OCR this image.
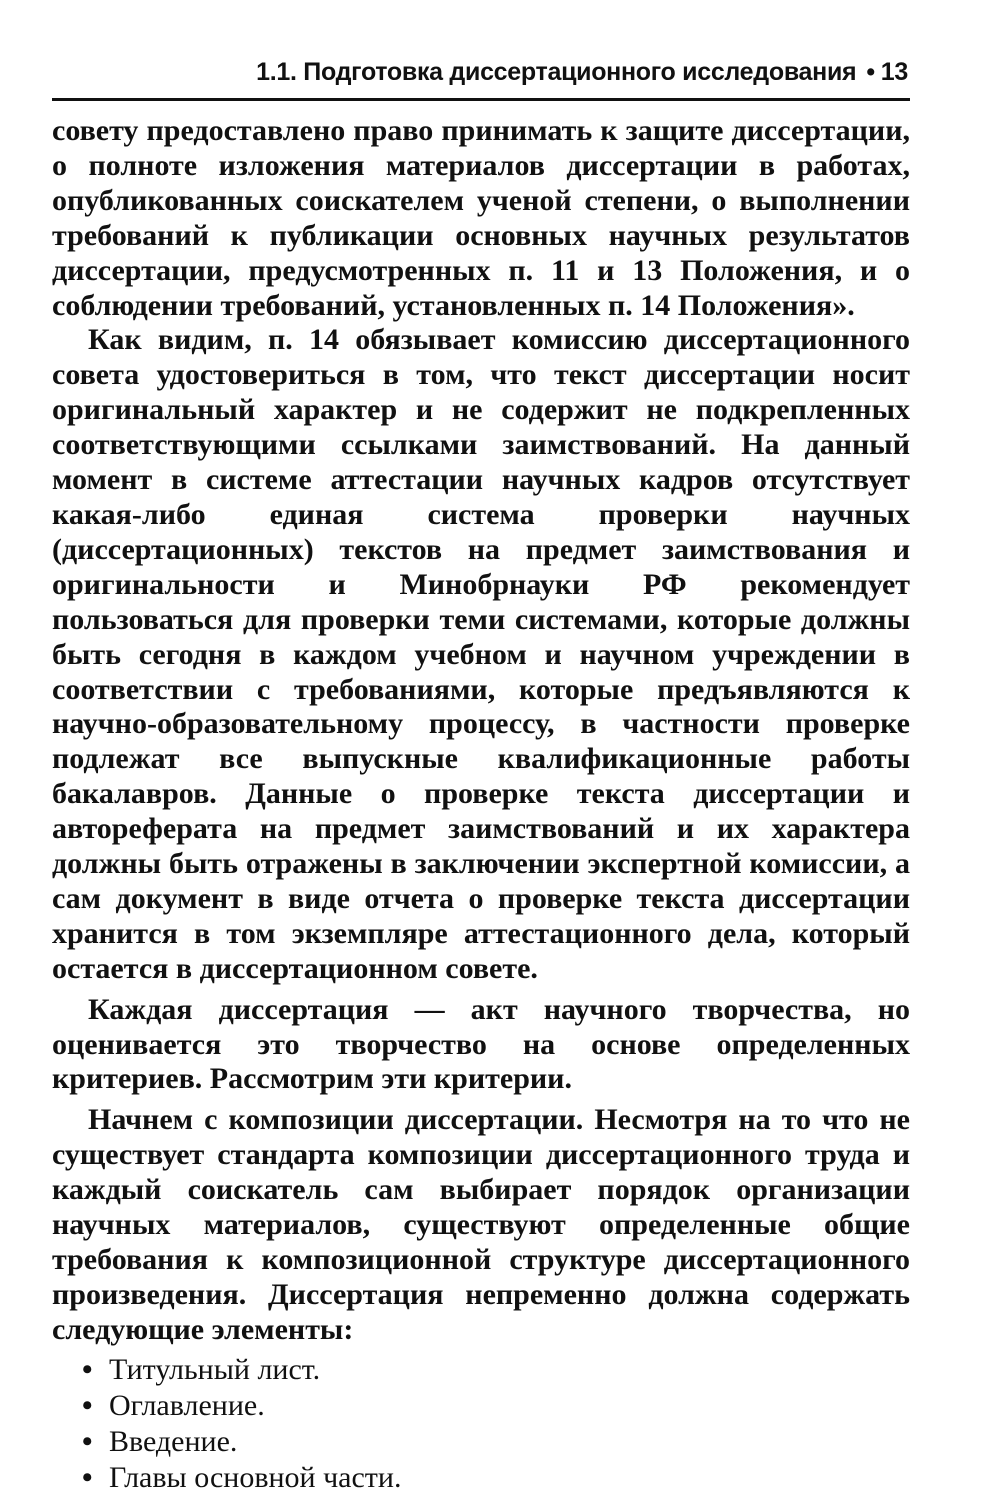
1.1. Подготовка диссертационного исследования • 13

совету предоставлено право принимать к защите диссертации, о полноте изложения материалов диссертации в работах, опубликованных соискателем ученой степени, о выполнении требований к публикации основных научных результатов диссертации, предусмотренных п. 11 и 13 Положения, и о соблюдении требований, установленных п. 14 Положения».

Как видим, п. 14 обязывает комиссию диссертационного совета удостовериться в том, что текст диссертации носит оригинальный характер и не содержит не подкрепленных соответствующими ссылками заимствований. На данный момент в системе аттестации научных кадров отсутствует какая-либо единая система проверки научных (диссертационных) текстов на предмет заимствования и оригинальности и Минобрнауки РФ рекомендует пользоваться для проверки теми системами, которые должны быть сегодня в каждом учебном и научном учреждении в соответствии с требованиями, которые предъявляются к научно-образовательному процессу, в частности проверке подлежат все выпускные квалификационные работы бакалавров. Данные о проверке текста диссертации и автореферата на предмет заимствований и их характера должны быть отражены в заключении экспертной комиссии, а сам документ в виде отчета о проверке текста диссертации хранится в том экземпляре аттестационного дела, который остается в диссертационном совете.

Каждая диссертация — акт научного творчества, но оценивается это творчество на основе определенных критериев. Рассмотрим эти критерии.

Начнем с композиции диссертации. Несмотря на то что не существует стандарта композиции диссертационного труда и каждый соискатель сам выбирает порядок организации научных материалов, существуют определенные общие требования к композиционной структуре диссертационного произведения. Диссертация непременно должна содержать следующие элементы:

• Титульный лист.
• Оглавление.
• Введение.
• Главы основной части.
